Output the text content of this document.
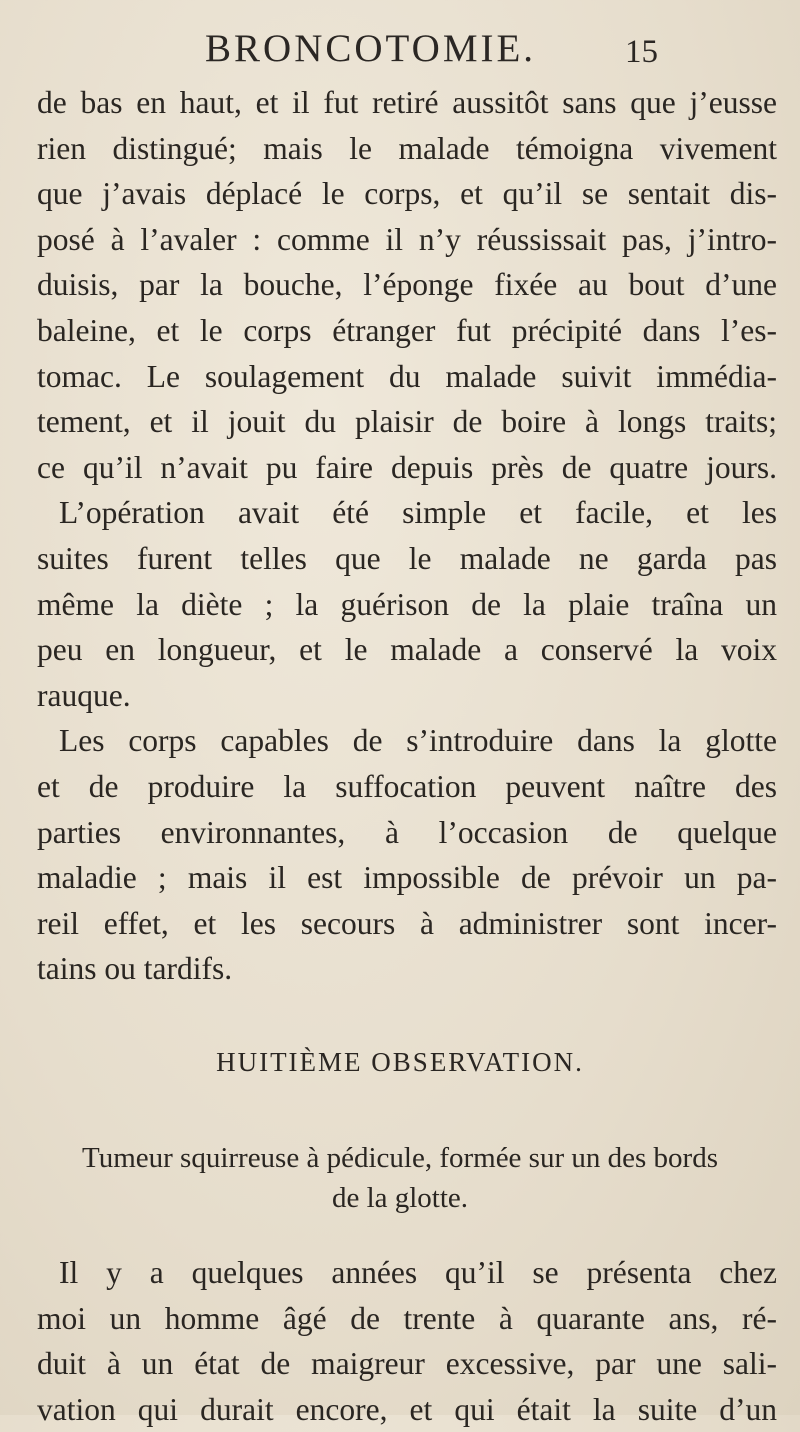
BRONCOTOMIE.	15
de bas en haut, et il fut retiré aussitôt sans que j’eusse
rien distingué; mais le malade témoigna vivement
que j’avais déplacé le corps, et qu’il se sentait dis-
posé à l’avaler : comme il n’y réussissait pas, j’intro-
duisis, par la bouche, l’éponge fixée au bout d’une
baleine, et le corps étranger fut précipité dans l’es-
tomac. Le soulagement du malade suivit immédia-
tement, et il jouit du plaisir de boire à longs traits;
ce qu’il n’avait pu faire depuis près de quatre jours.
L’opération avait été simple et facile, et les
suites furent telles que le malade ne garda pas
même la diète ; la guérison de la plaie traîna un
peu en longueur, et le malade a conservé la voix
rauque.
Les corps capables de s’introduire dans la glotte
et de produire la suffocation peuvent naître des
parties environnantes, à l’occasion de quelque
maladie ; mais il est impossible de prévoir un pa-
reil effet, et les secours à administrer sont incer-
tains ou tardifs.
HUITIÈME OBSERVATION.
Tumeur squirreuse à pédicule, formée sur un des bords
de la glotte.
Il y a quelques années qu’il se présenta chez
moi un homme âgé de trente à quarante ans, ré-
duit à un état de maigreur excessive, par une sali-
vation qui durait encore, et qui était la suite d’un
